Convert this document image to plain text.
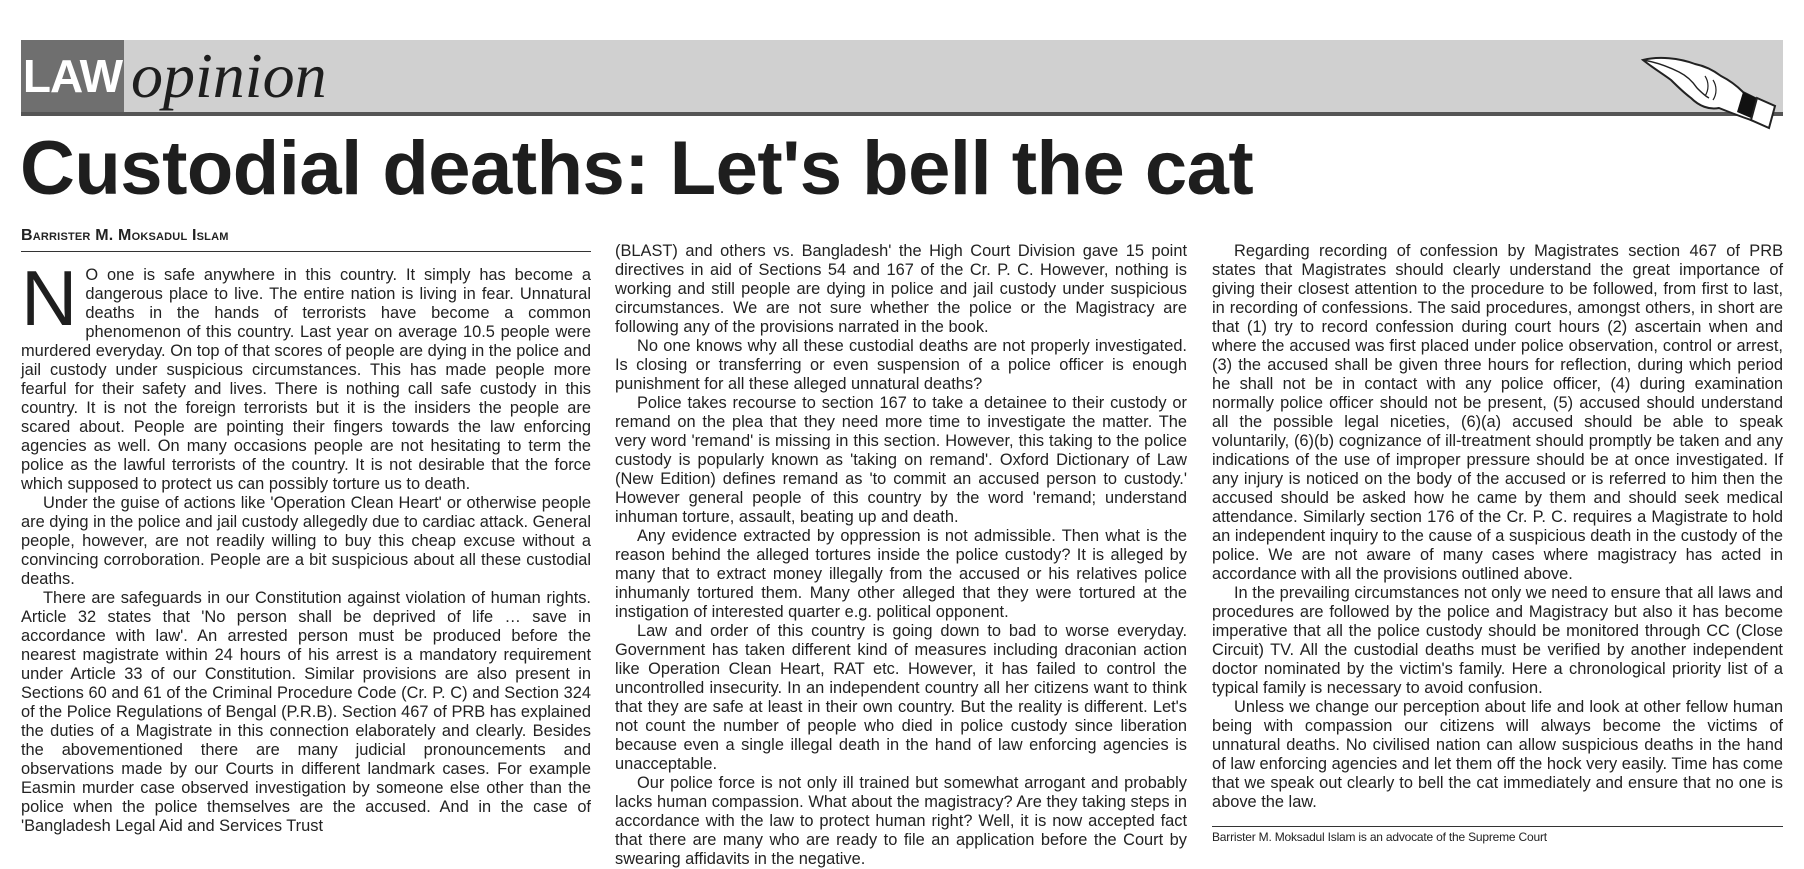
LAW opinion
Custodial deaths: Let's bell the cat
Barrister M. Moksadul Islam

N O one is safe anywhere in this country. It simply has become a dangerous place to live. The entire nation is living in fear. Unnatural deaths in the hands of terrorists have become a common phenomenon of this country. Last year on average 10.5 people were murdered everyday. On top of that scores of people are dying in the police and jail custody under suspicious circumstances. This has made people more fearful for their safety and lives. There is nothing call safe custody in this country. It is not the foreign terrorists but it is the insiders the people are scared about. People are pointing their fingers towards the law enforcing agencies as well. On many occasions people are not hesitating to term the police as the lawful terrorists of the country. It is not desirable that the force which supposed to protect us can possibly torture us to death.

Under the guise of actions like 'Operation Clean Heart' or otherwise people are dying in the police and jail custody allegedly due to cardiac attack. General people, however, are not readily willing to buy this cheap excuse without a convincing corroboration. People are a bit suspicious about all these custodial deaths.

There are safeguards in our Constitution against violation of human rights. Article 32 states that 'No person shall be deprived of life … save in accordance with law'. An arrested person must be produced before the nearest magistrate within 24 hours of his arrest is a mandatory requirement under Article 33 of our Constitution. Similar provisions are also present in Sections 60 and 61 of the Criminal Procedure Code (Cr. P. C) and Section 324 of the Police Regulations of Bengal (P.R.B). Section 467 of PRB has explained the duties of a Magistrate in this connection elaborately and clearly. Besides the abovementioned there are many judicial pronouncements and observations made by our Courts in different landmark cases. For example Easmin murder case observed investigation by someone else other than the police when the police themselves are the accused. And in the case of 'Bangladesh Legal Aid and Services Trust

(BLAST) and others vs. Bangladesh' the High Court Division gave 15 point directives in aid of Sections 54 and 167 of the Cr. P. C. However, nothing is working and still people are dying in police and jail custody under suspicious circumstances. We are not sure whether the police or the Magistracy are following any of the provisions narrated in the book.

No one knows why all these custodial deaths are not properly investigated. Is closing or transferring or even suspension of a police officer is enough punishment for all these alleged unnatural deaths?

Police takes recourse to section 167 to take a detainee to their custody or remand on the plea that they need more time to investigate the matter. The very word 'remand' is missing in this section. However, this taking to the police custody is popularly known as 'taking on remand'. Oxford Dictionary of Law (New Edition) defines remand as 'to commit an accused person to custody.' However general people of this country by the word 'remand; understand inhuman torture, assault, beating up and death.

Any evidence extracted by oppression is not admissible. Then what is the reason behind the alleged tortures inside the police custody? It is alleged by many that to extract money illegally from the accused or his relatives police inhumanly tortured them. Many other alleged that they were tortured at the instigation of interested quarter e.g. political opponent.

Law and order of this country is going down to bad to worse everyday. Government has taken different kind of measures including draconian action like Operation Clean Heart, RAT etc. However, it has failed to control the uncontrolled insecurity. In an independent country all her citizens want to think that they are safe at least in their own country. But the reality is different. Let's not count the number of people who died in police custody since liberation because even a single illegal death in the hand of law enforcing agencies is unacceptable.

Our police force is not only ill trained but somewhat arrogant and probably lacks human compassion. What about the magistracy? Are they taking steps in accordance with the law to protect human right? Well, it is now accepted fact that there are many who are ready to file an application before the Court by swearing affidavits in the negative.

Regarding recording of confession by Magistrates section 467 of PRB states that Magistrates should clearly understand the great importance of giving their closest attention to the procedure to be followed, from first to last, in recording of confessions. The said procedures, amongst others, in short are that (1) try to record confession during court hours (2) ascertain when and where the accused was first placed under police observation, control or arrest, (3) the accused shall be given three hours for reflection, during which period he shall not be in contact with any police officer, (4) during examination normally police officer should not be present, (5) accused should understand all the possible legal niceties, (6)(a) accused should be able to speak voluntarily, (6)(b) cognizance of ill-treatment should promptly be taken and any indications of the use of improper pressure should be at once investigated. If any injury is noticed on the body of the accused or is referred to him then the accused should be asked how he came by them and should seek medical attendance. Similarly section 176 of the Cr. P. C. requires a Magistrate to hold an independent inquiry to the cause of a suspicious death in the custody of the police. We are not aware of many cases where magistracy has acted in accordance with all the provisions outlined above.

In the prevailing circumstances not only we need to ensure that all laws and procedures are followed by the police and Magistracy but also it has become imperative that all the police custody should be monitored through CC (Close Circuit) TV. All the custodial deaths must be verified by another independent doctor nominated by the victim's family. Here a chronological priority list of a typical family is necessary to avoid confusion.

Unless we change our perception about life and look at other fellow human being with compassion our citizens will always become the victims of unnatural deaths. No civilised nation can allow suspicious deaths in the hand of law enforcing agencies and let them off the hock very easily. Time has come that we speak out clearly to bell the cat immediately and ensure that no one is above the law.

Barrister M. Moksadul Islam is an advocate of the Supreme Court
